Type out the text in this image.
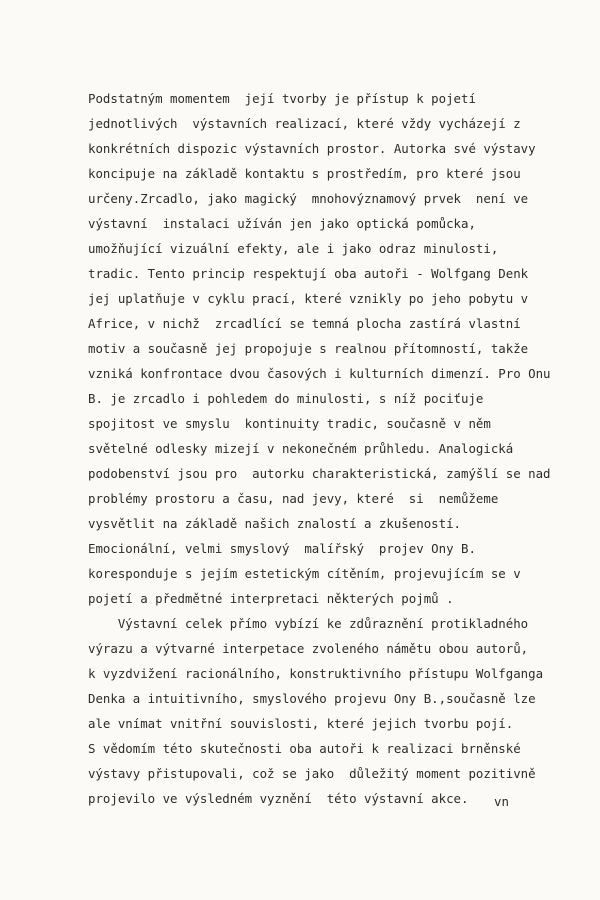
Podstatným momentem  její tvorby je přístup k pojetí
jednotlivých  výstavních realizací, které vždy vycházejí z
konkrétních dispozic výstavních prostor. Autorka své výstavy
koncipuje na základě kontaktu s prostředím, pro které jsou
určeny.Zrcadlo, jako magický  mnohovýznamový prvek  není ve
výstavní  instalaci užíván jen jako optická pomůcka,
umožňující vizuální efekty, ale i jako odraz minulosti,
tradic. Tento princip respektují oba autoři - Wolfgang Denk
jej uplatňuje v cyklu prací, které vznikly po jeho pobytu v
Africe, v nichž  zrcadlící se temná plocha zastírá vlastní
motiv a současně jej propojuje s realnou přítomností, takže
vzniká konfrontace dvou časových i kulturních dimenzí. Pro Onu
B. je zrcadlo i pohledem do minulosti, s níž pociťuje
spojitost ve smyslu  kontinuity tradic, současně v něm
světelné odlesky mizejí v nekonečném průhledu. Analogická
podobenství jsou pro  autorku charakteristická, zamýšlí se nad
problémy prostoru a času, nad jevy, které  si  nemůžeme
vysvětlit na základě našich znalostí a zkušeností.
Emocionální, velmi smyslový  malířský  projev Ony B.
koresponduje s jejím estetickým cítěním, projevujícím se v
pojetí a předmětné interpretaci některých pojmů .
Výstavní celek přímo vybízí ke zdůraznění protikladného
výrazu a výtvarné interpetace zvoleného námětu obou autorů,
k vyzdvižení racionálního, konstruktivního přístupu Wolfganga
Denka a intuitivního, smyslového projevu Ony B.,současně lze
ale vnímat vnitřní souvislosti, které jejich tvorbu pojí.
S vědomím této skutečnosti oba autoři k realizaci brněnské
výstavy přistupovali, což se jako  důležitý moment pozitivně
projevilo ve výsledném vyznění  této výstavní akce. vn
